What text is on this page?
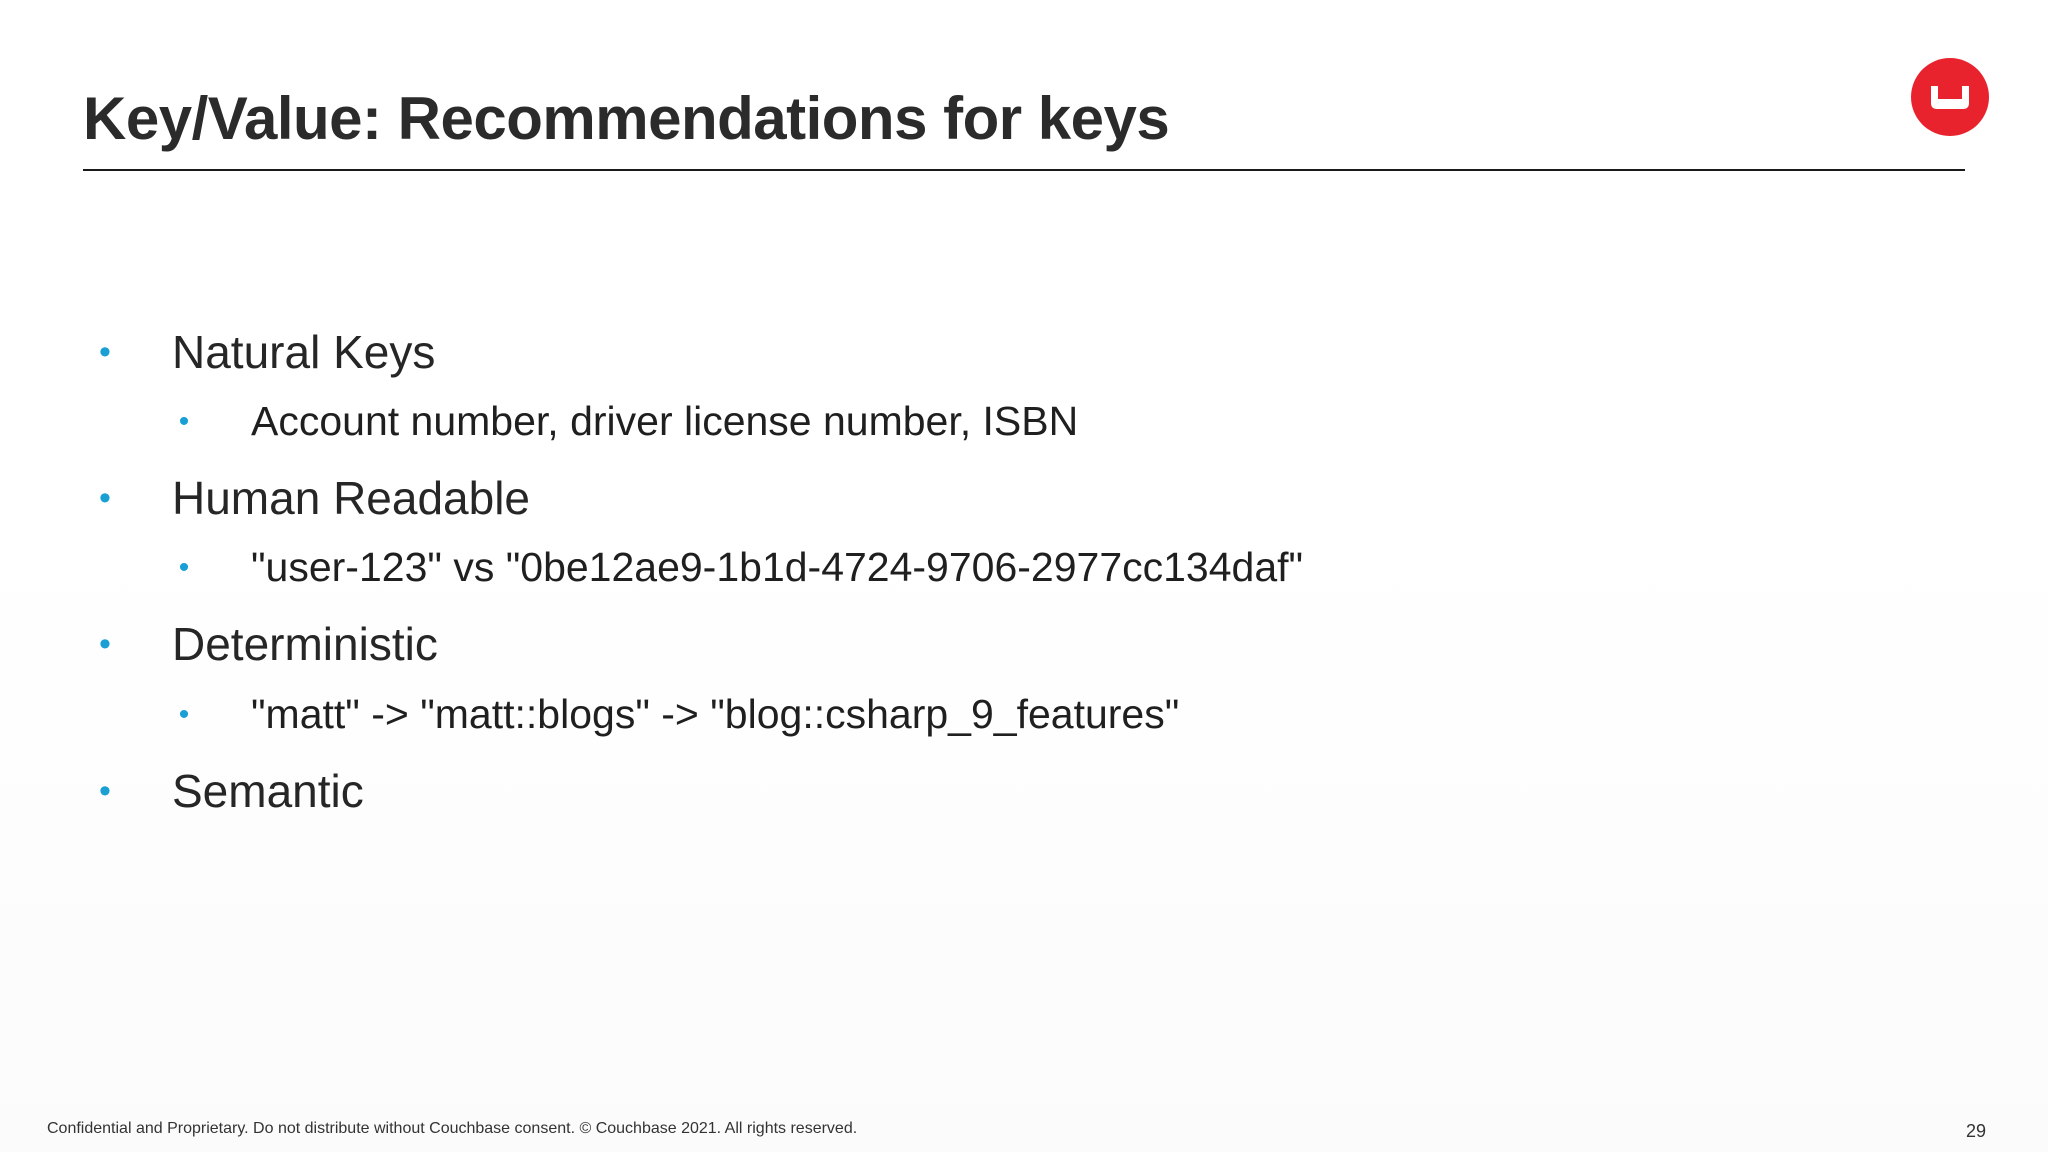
Key/Value: Recommendations for keys
•	Natural Keys
•	Account number, driver license number, ISBN
•	Human Readable
•	"user-123" vs "0be12ae9-1b1d-4724-9706-2977cc134daf"
•	Deterministic
•	"matt" -> "matt::blogs" -> "blog::csharp_9_features"
•	Semantic
Confidential and Proprietary. Do not distribute without Couchbase consent. © Couchbase 2021. All rights reserved.	29
